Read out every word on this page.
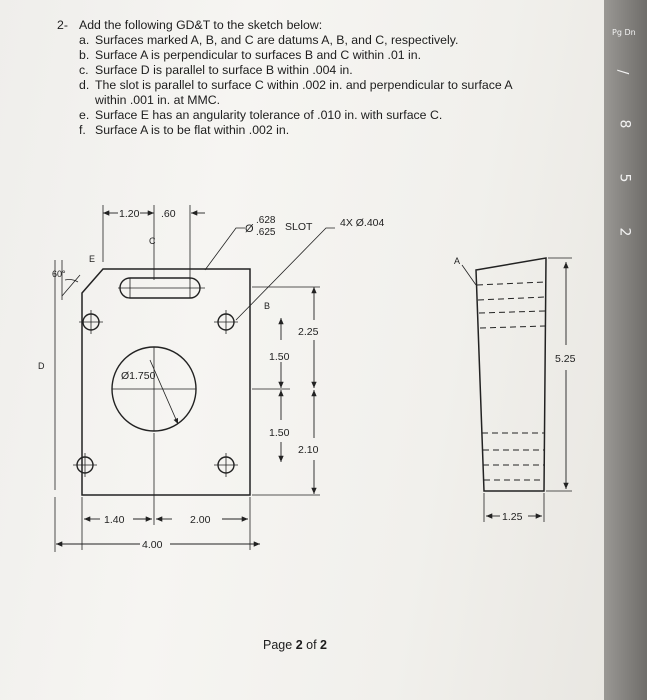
Pg Dn
/
8
5
2
2- Add the following GD&T to the sketch below:
a. Surfaces marked A, B, and C are datums A, B, and C, respectively.
b. Surface A is perpendicular to surfaces B and C within .01 in.
c. Surface D is parallel to surface B within .004 in.
d. The slot is parallel to surface C within .002 in. and perpendicular to surface A within .001 in. at MMC.
e. Surface E has an angularity tolerance of .010 in. with surface C.
f. Surface A is to be flat within .002 in.
1.20 .60
Ø
.628
.625 SLOT	4X Ø.404
C
E
60°
D
B
A
Ø1.750
2.25
1.50
1.50
2.10
5.25
1.40	2.00
4.00
1.25
Page 2 of 2
